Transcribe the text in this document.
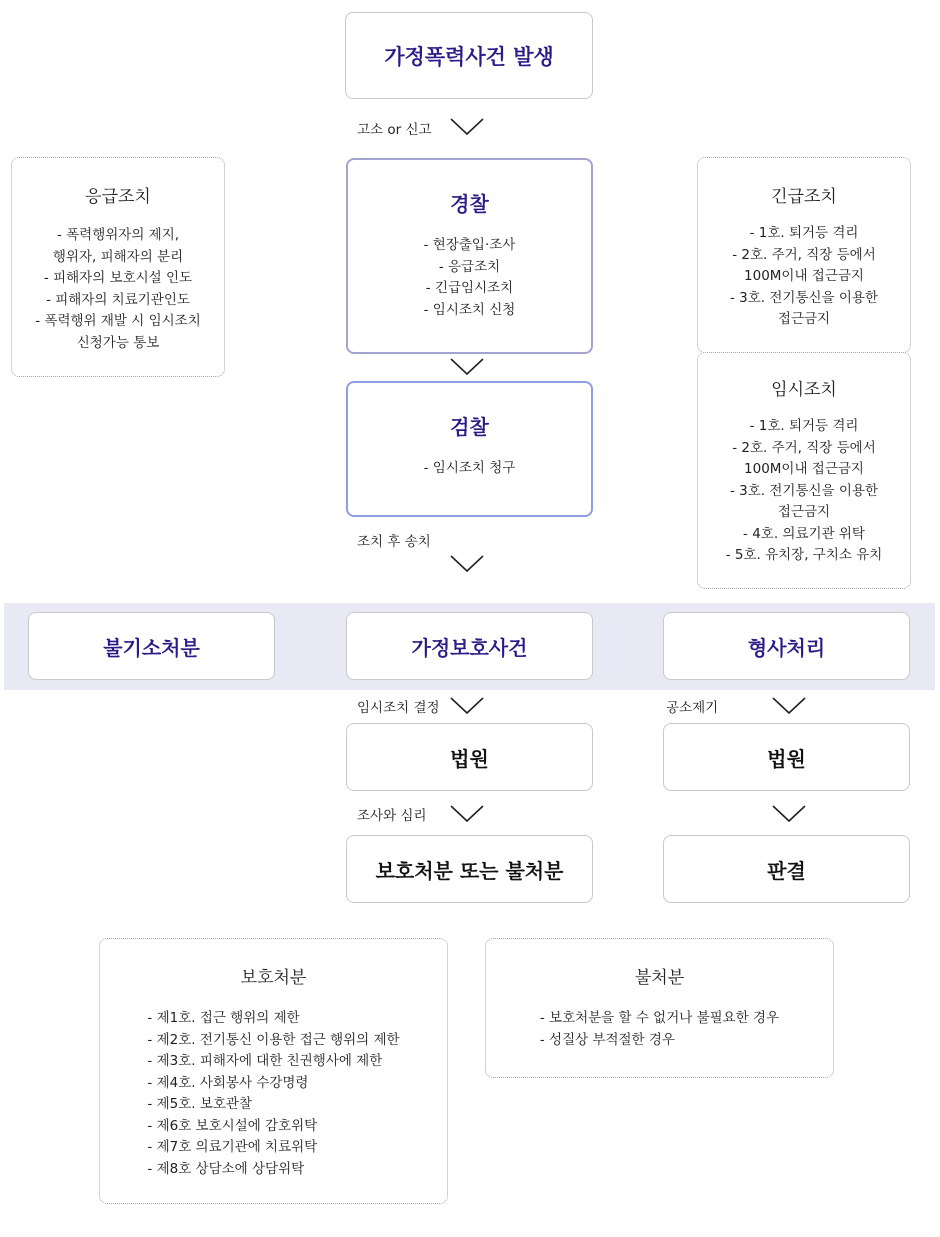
가정폭력사건 발생
고소 or 신고
응급조치
- 폭력행위자의 제지,
행위자, 피해자의 분리
- 피해자의 보호시설 인도
- 피해자의 치료기관인도
- 폭력행위 재발 시 임시조치
신청가능 통보
경찰
- 현장출입·조사
- 응급조치
- 긴급임시조치
- 임시조치 신청
검찰
- 임시조치 청구
조치 후 송치
긴급조치
- 1호. 퇴거등 격리
- 2호. 주거, 직장 등에서
100M이내 접근금지
- 3호. 전기통신을 이용한
접근금지
임시조치
- 1호. 퇴거등 격리
- 2호. 주거, 직장 등에서
100M이내 접근금지
- 3호. 전기통신을 이용한
접근금지
- 4호. 의료기관 위탁
- 5호. 유치장, 구치소 유치
불기소처분	가정보호사건	형사처리
임시조치 결정	공소제기
법원	법원
조사와 심리
보호처분 또는 불처분	판결
보호처분
- 제1호. 접근 행위의 제한
- 제2호. 전기통신 이용한 접근 행위의 제한
- 제3호. 피해자에 대한 친권행사에 제한
- 제4호. 사회봉사 수강명령
- 제5호. 보호관찰
- 제6호 보호시설에 감호위탁
- 제7호 의료기관에 치료위탁
- 제8호 상담소에 상담위탁
불처분
- 보호처분을 할 수 없거나 불필요한 경우
- 성질상 부적절한 경우
